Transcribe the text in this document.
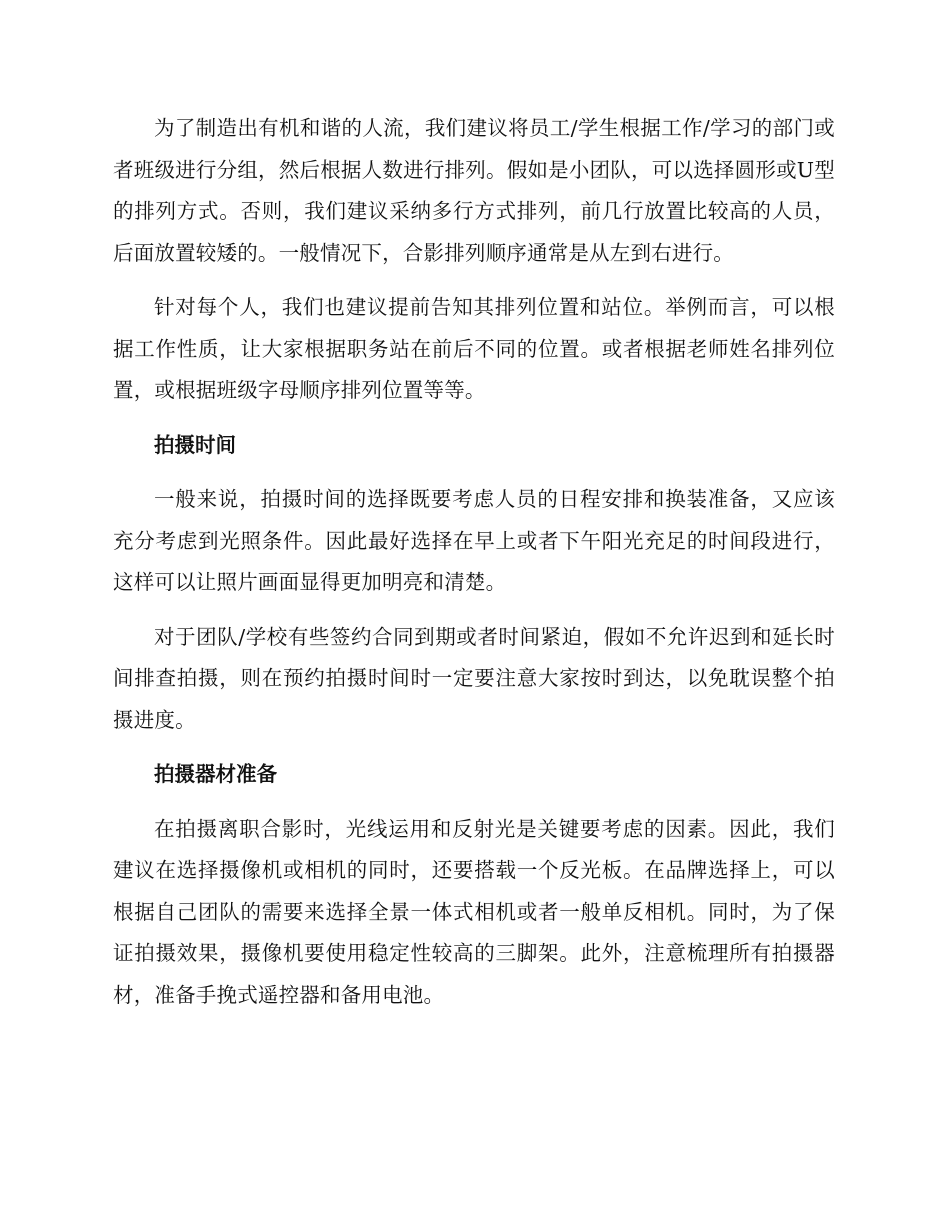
为了制造出有机和谐的人流，我们建议将员工/学生根据工作/学习的部门或者班级进行分组，然后根据人数进行排列。假如是小团队，可以选择圆形或U型的排列方式。否则，我们建议采纳多行方式排列，前几行放置比较高的人员，后面放置较矮的。一般情况下，合影排列顺序通常是从左到右进行。

针对每个人，我们也建议提前告知其排列位置和站位。举例而言，可以根据工作性质，让大家根据职务站在前后不同的位置。或者根据老师姓名排列位置，或根据班级字母顺序排列位置等等。

拍摄时间

一般来说，拍摄时间的选择既要考虑人员的日程安排和换装准备，又应该充分考虑到光照条件。因此最好选择在早上或者下午阳光充足的时间段进行，这样可以让照片画面显得更加明亮和清楚。

对于团队/学校有些签约合同到期或者时间紧迫，假如不允许迟到和延长时间排查拍摄，则在预约拍摄时间时一定要注意大家按时到达，以免耽误整个拍摄进度。

拍摄器材准备

在拍摄离职合影时，光线运用和反射光是关键要考虑的因素。因此，我们建议在选择摄像机或相机的同时，还要搭载一个反光板。在品牌选择上，可以根据自己团队的需要来选择全景一体式相机或者一般单反相机。同时，为了保证拍摄效果，摄像机要使用稳定性较高的三脚架。此外，注意梳理所有拍摄器材，准备手挽式遥控器和备用电池。
